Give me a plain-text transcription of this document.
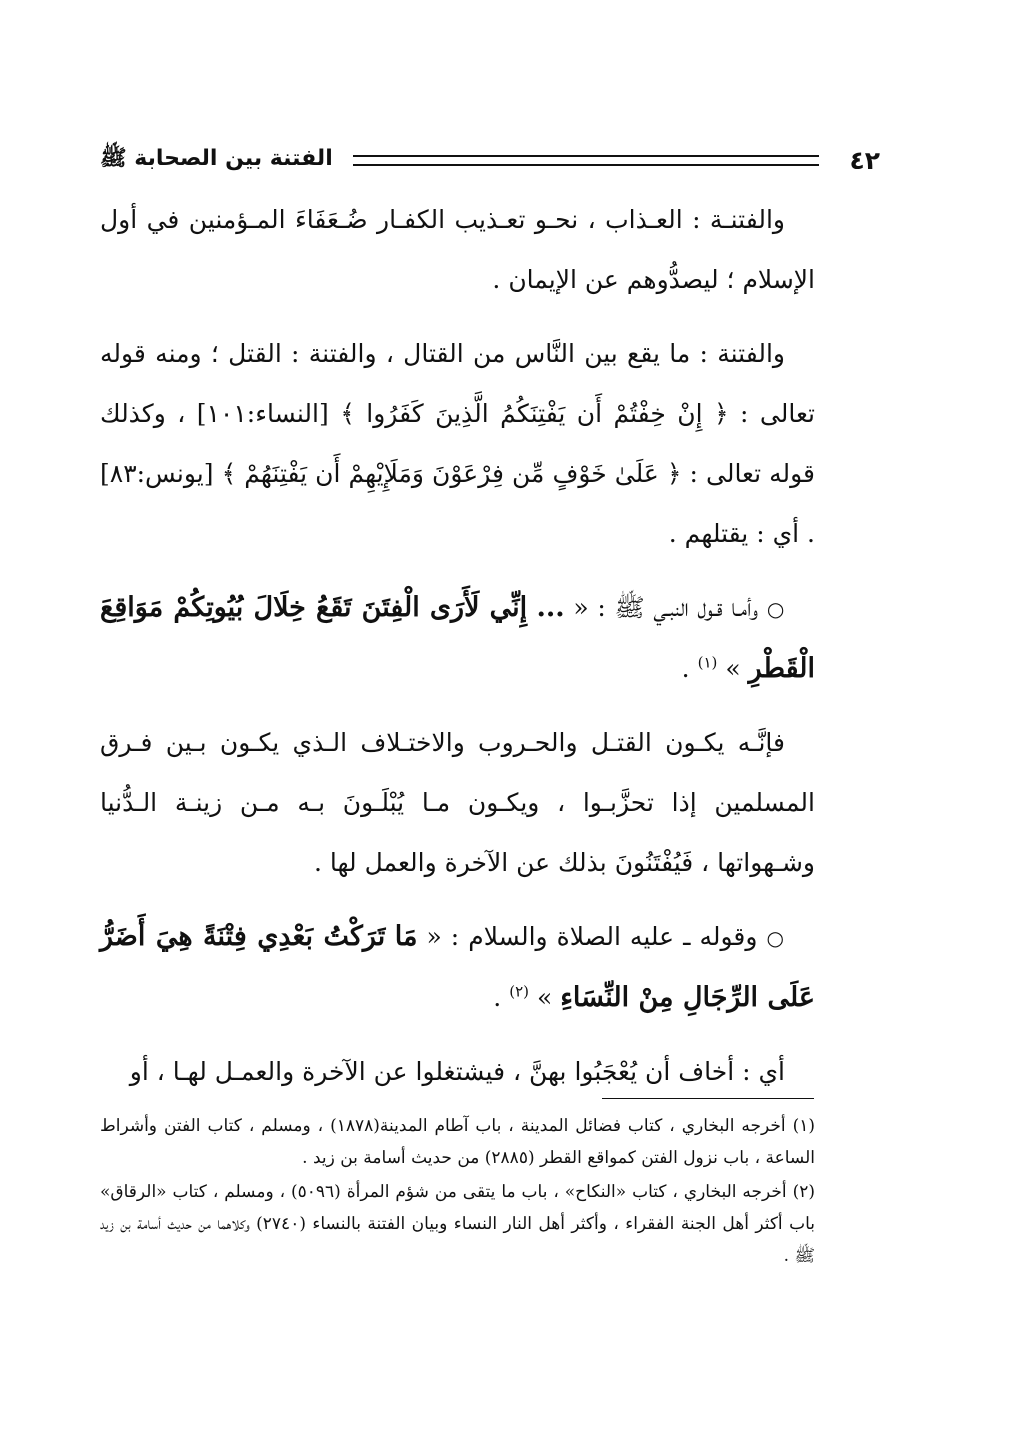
٤٢
الفتنة بين الصحابة ﷺ

والفتنـة : العـذاب ، نحـو تعـذيب الكفـار ضُـعَفَاءَ المـؤمنين في أول الإسلام ؛ ليصدُّوهم عن الإيمان .

والفتنة : ما يقع بين النَّاس من القتال ، والفتنة : القتل ؛ ومنه قوله تعالى : ﴿ إِنْ خِفْتُمْ أَن يَفْتِنَكُمُ الَّذِينَ كَفَرُوا ﴾ [النساء:١٠١] ، وكذلك قوله تعالى : ﴿ عَلَىٰ خَوْفٍ مِّن فِرْعَوْنَ وَمَلَإِيْهِمْ أَن يَفْتِنَهُمْ ﴾ [يونس:٨٣] . أي : يقتلهم .

○ وأمـا قـول النبـي ﷺ : « ... إِنِّي لَأَرَى الْفِتَنَ تَقَعُ خِلَالَ بُيُوتِكُمْ مَوَاقِعَ الْقَطْرِ » $^{(١)}$ .

فإنَّـه يكـون القتـل والحـروب والاختـلاف الـذي يكـون بـين فـرق المسلمين إذا تحزَّبـوا ، ويكـون مـا يُبْلَـونَ بـه مـن زينـة الـدُّنيا وشـهواتها ، فَيُفْتَنُونَ بذلك عن الآخرة والعمل لها .

○ وقوله ـ عليه الصلاة والسلام : « مَا تَرَكْتُ بَعْدِي فِتْنَةً هِيَ أَضَرُّ عَلَى الرِّجَالِ مِنْ النِّسَاءِ » $^{(٢)}$ .

أي : أخاف أن يُعْجَبُوا بهنَّ ، فيشتغلوا عن الآخرة والعمـل لهـا ، أو

(١) أخرجه البخاري ، كتاب فضائل المدينة ، باب آطام المدينة(١٨٧٨) ، ومسلم ، كتاب الفتن وأشراط الساعة ، باب نزول الفتن كمواقع القطر (٢٨٨٥) من حديث أسامة بن زيد .

(٢) أخرجه البخاري ، كتاب «النكاح» ، باب ما يتقى من شؤم المرأة (٥٠٩٦) ، ومسلم ، كتاب «الرقاق» باب أكثر أهل الجنة الفقراء ، وأكثر أهل النار النساء وبيان الفتنة بالنساء (٢٧٤٠) وكلاهما من حديث أسامة بن زيد ﷺ .
